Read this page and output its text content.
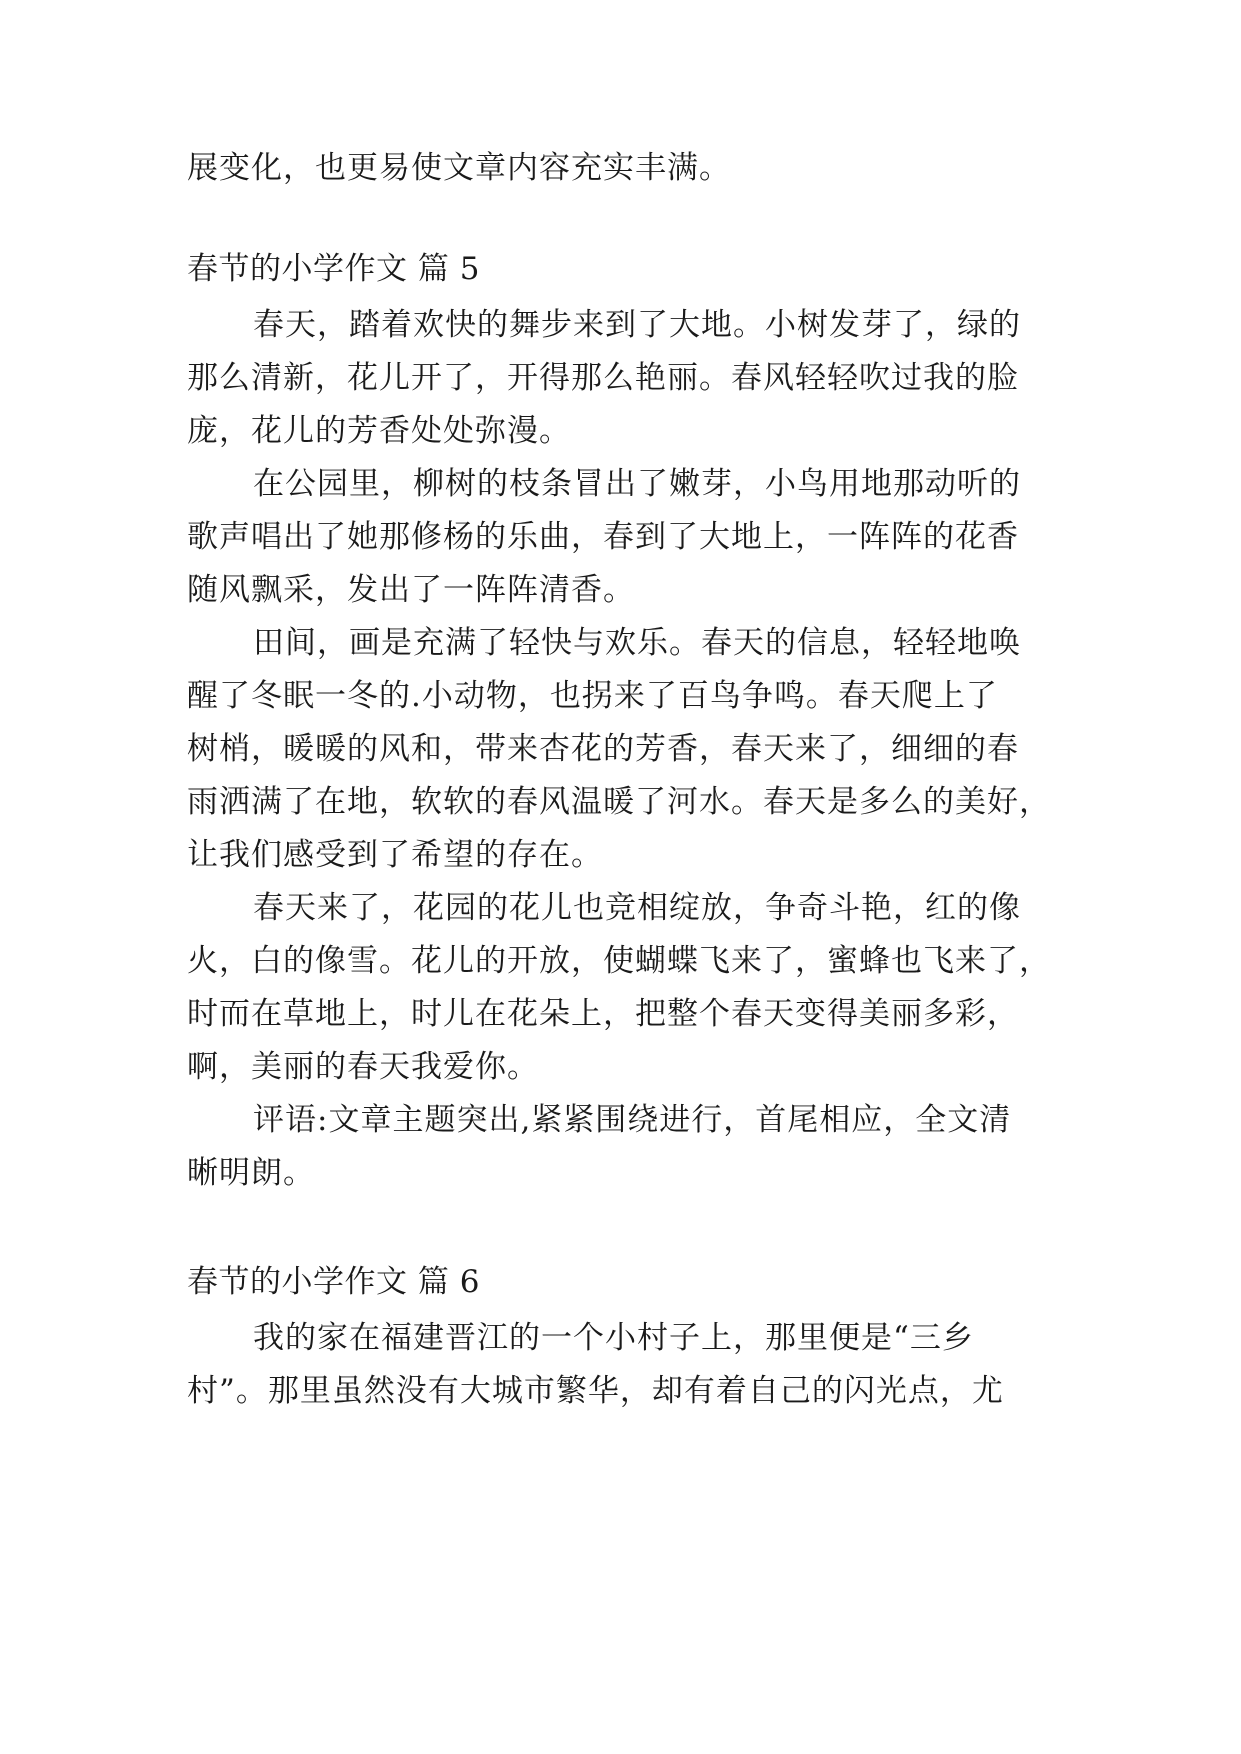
展变化，也更易使文章内容充实丰满。
春节的小学作文 篇 5
春天，踏着欢快的舞步来到了大地。小树发芽了，绿的
那么清新，花儿开了，开得那么艳丽。春风轻轻吹过我的脸
庞，花儿的芳香处处弥漫。
在公园里，柳树的枝条冒出了嫩芽，小鸟用地那动听的
歌声唱出了她那修杨的乐曲，春到了大地上，一阵阵的花香
随风飘采，发出了一阵阵清香。
田间，画是充满了轻快与欢乐。春天的信息，轻轻地唤
醒了冬眠一冬的.小动物，也拐来了百鸟争鸣。春天爬上了
树梢，暖暖的风和，带来杏花的芳香，春天来了，细细的春
雨洒满了在地，软软的春风温暖了河水。春天是多么的美好，
让我们感受到了希望的存在。
春天来了，花园的花儿也竞相绽放，争奇斗艳，红的像
火，白的像雪。花儿的开放，使蝴蝶飞来了，蜜蜂也飞来了，
时而在草地上，时儿在花朵上，把整个春天变得美丽多彩，
啊，美丽的春天我爱你。
评语:文章主题突出,紧紧围绕进行，首尾相应，全文清
晰明朗。
春节的小学作文 篇 6
我的家在福建晋江的一个小村子上，那里便是“三乡
村”。那里虽然没有大城市繁华，却有着自己的闪光点，尤
